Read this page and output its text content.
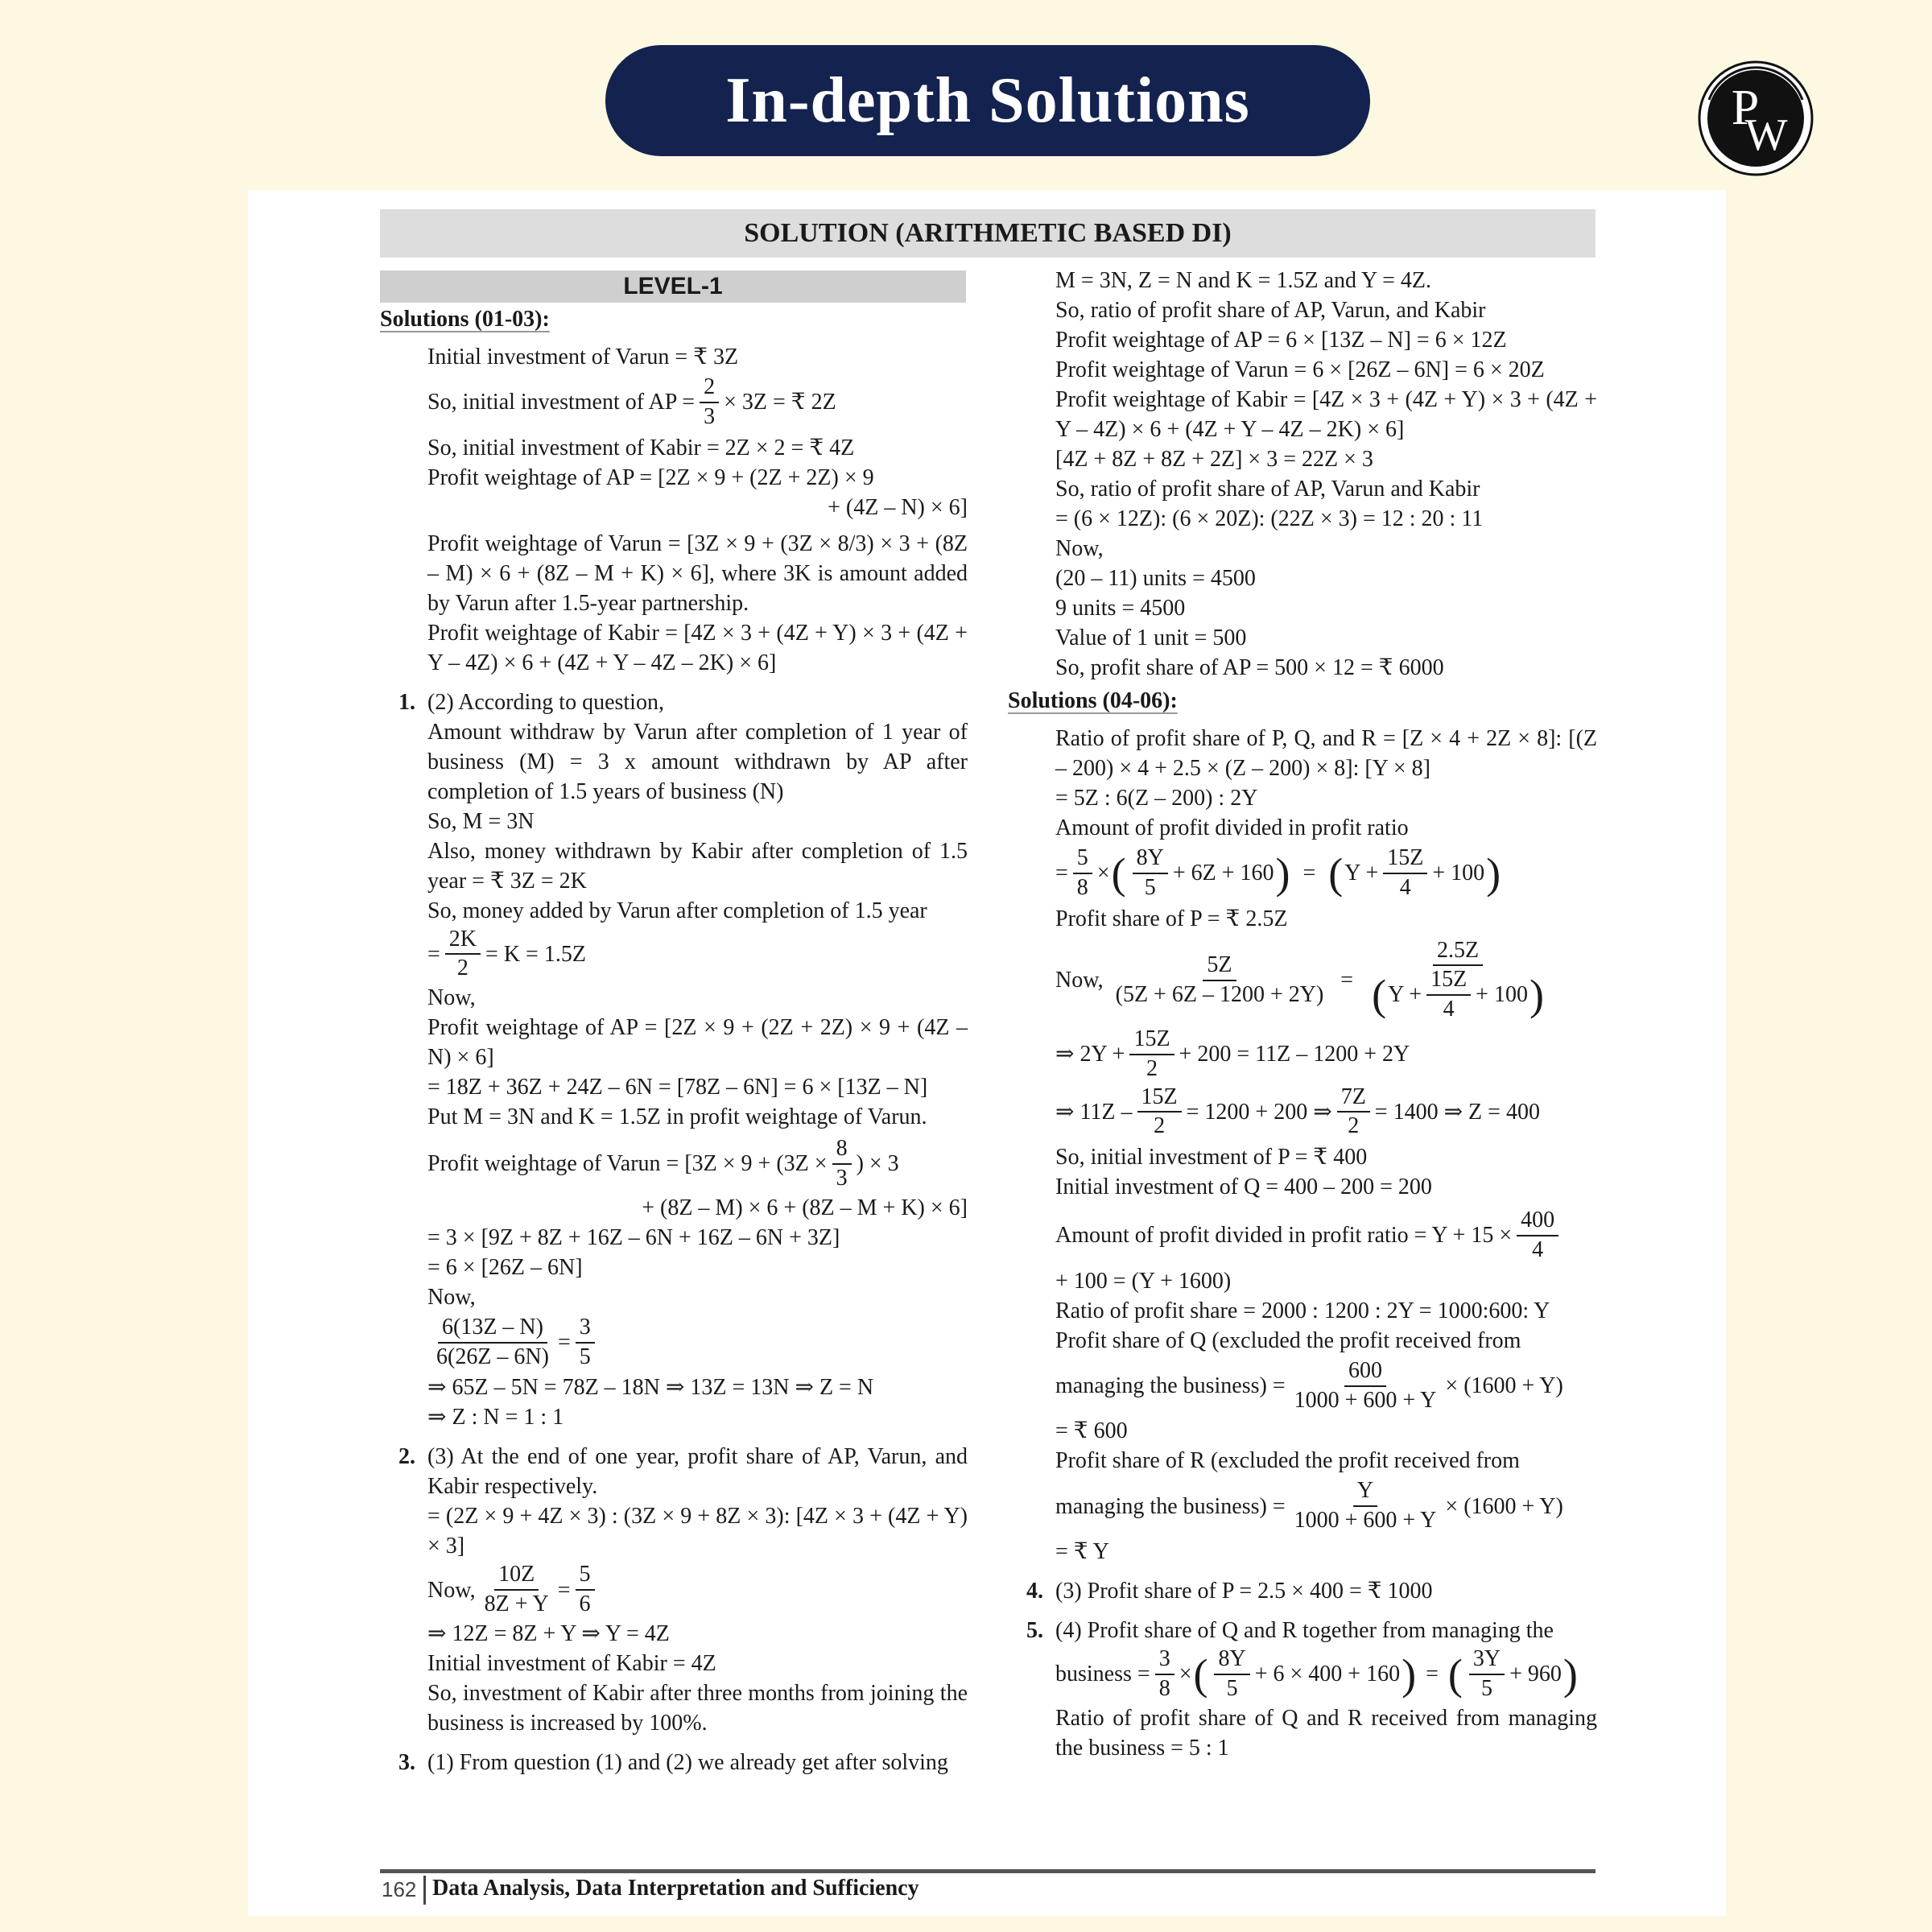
In-depth Solutions	P
W
SOLUTION (ARITHMETIC BASED DI)
LEVEL-1

Solutions (01-03):

Initial investment of Varun = ₹ 3Z

So, initial investment of AP = $\frac{2}{3} \times 3Z$ = ₹ 2Z

So, initial investment of Kabir = 2Z × 2 = ₹ 4Z

Profit weightage of AP = [2Z × 9 + (2Z + 2Z) × 9

+ (4Z – N) × 6]

Profit weightage of Varun = [3Z × 9 + (3Z × 8/3) × 3 + (8Z – M) × 6 + (8Z – M + K) × 6], where 3K is amount added by Varun after 1.5-year partnership.

Profit weightage of Kabir = [4Z × 3 + (4Z + Y) × 3 + (4Z + Y – 4Z) × 6 + (4Z + Y – 4Z – 2K) × 6]

1. (2) According to question,

Amount withdraw by Varun after completion of 1 year of business (M) = 3 x amount withdrawn by AP after completion of 1.5 years of business (N)

So, M = 3N

Also, money withdrawn by Kabir after completion of 1.5 year = ₹ 3Z = 2K

So, money added by Varun after completion of 1.5 year

= $\frac{2K}{2} = K = 1.5Z$

Now,

Profit weightage of AP = [2Z × 9 + (2Z + 2Z) × 9 + (4Z – N) × 6]

= 18Z + 36Z + 24Z – 6N = [78Z – 6N] = 6 × [13Z – N]

Put M = 3N and K = 1.5Z in profit weightage of Varun.

Profit weightage of Varun = [$3Z \times 9 + (3Z \times \frac{8}{3}$ ) × 3

+ (8Z – M) × 6 + (8Z – M + K) × 6]

= 3 × [9Z + 8Z + 16Z – 6N + 16Z – 6N + 3Z]

= 6 × [26Z – 6N]

Now,

$\frac{6(13Z - N)}{6(26Z - 6N)} = \frac{3}{5}$

⇒ 65Z – 5N = 78Z – 18N ⇒ 13Z = 13N ⇒ Z = N

⇒ Z : N = 1 : 1

2. (3) At the end of one year, profit share of AP, Varun, and Kabir respectively.

= (2Z × 9 + 4Z × 3) : (3Z × 9 + 8Z × 3): [4Z × 3 + (4Z + Y) × 3]

Now, $\frac{10Z}{8Z + Y} = \frac{5}{6}$

⇒ 12Z = 8Z + Y ⇒ Y = 4Z

Initial investment of Kabir = 4Z

So, investment of Kabir after three months from joining the business is increased by 100%.

3. (1) From question (1) and (2) we already get after solving

M = 3N, Z = N and K = 1.5Z and Y = 4Z.

So, ratio of profit share of AP, Varun, and Kabir

Profit weightage of AP = 6 × [13Z – N] = 6 × 12Z

Profit weightage of Varun = 6 × [26Z – 6N] = 6 × 20Z

Profit weightage of Kabir = [4Z × 3 + (4Z + Y) × 3 + (4Z + Y – 4Z) × 6 + (4Z + Y – 4Z – 2K) × 6]

[4Z + 8Z + 8Z + 2Z] × 3 = 22Z × 3

So, ratio of profit share of AP, Varun and Kabir

= (6 × 12Z): (6 × 20Z): (22Z × 3) = 12 : 20 : 11

Now,

(20 – 11) units = 4500

9 units = 4500

Value of 1 unit = 500

So, profit share of AP = 500 × 12 = ₹ 6000

Solutions (04-06):

Ratio of profit share of P, Q, and R = [Z × 4 + 2Z × 8]: [(Z – 200) × 4 + 2.5 × (Z – 200) × 8]: [Y × 8]

= 5Z : 6(Z – 200) : 2Y

Amount of profit divided in profit ratio

= $\frac{5}{8}$ × ( $\frac{8Y}{5} + 6Z + 160$ ) = ( $Y + \frac{15Z}{4} + 100$ )

Profit share of P = ₹ 2.5Z

Now, $\frac{5Z}{(5Z + 6Z - 1200 + 2Y)} = \frac{2.5Z}{( Y + \frac{15Z}{4} + 100 )}$
⇒ $2Y + \frac{15Z}{2} + 200 = 11Z - 1200 + 2Y$
⇒ $11Z - \frac{15Z}{2} = 1200 + 200$ ⇒ $\frac{7Z}{2} = 1400$ ⇒ Z = 400

So, initial investment of P = ₹ 400

Initial investment of Q = 400 – 200 = 200

Amount of profit divided in profit ratio = $Y + 15 \times \frac{400}{4}$

+ 100 = (Y + 1600)

Ratio of profit share = 2000 : 1200 : 2Y = 1000:600: Y

Profit share of Q (excluded the profit received from

managing the business) = $\frac{600}{1000 + 600 + Y} \times (1600 + Y)$

= ₹ 600

Profit share of R (excluded the profit received from

managing the business) = $\frac{Y}{1000 + 600 + Y} \times (1600 + Y)$

= ₹ Y

4. (3) Profit share of P = 2.5 × 400 = ₹ 1000

5. (4) Profit share of Q and R together from managing the

business = $\frac{3}{8}$ × ( $\frac{8Y}{5} + 6 \times 400 + 160$ ) = ( $\frac{3Y}{5} + 960$ )

Ratio of profit share of Q and R received from managing the business = 5 : 1

162 Data Analysis, Data Interpretation and Sufficiency
